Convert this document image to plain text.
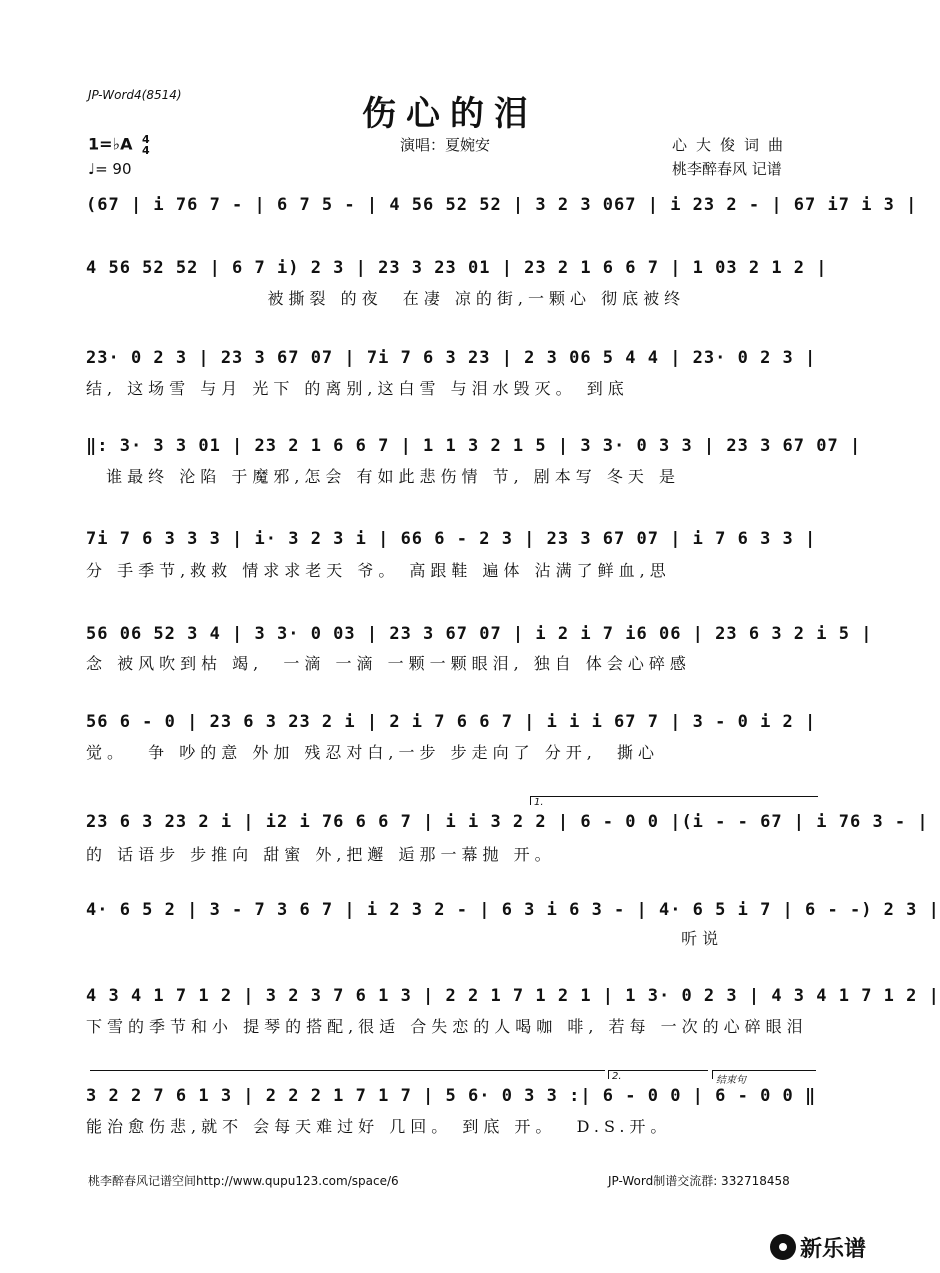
JP-Word4(8514)	伤心的泪
1=♭A 4
4
♩= 90
演唱：夏婉安	心大俊词曲
桃李醉春风 记谱
(67 | i 76 7 - | 6 7 5 - | 4 56 52 52 | 3 2 3 067 | i 23 2 - | 67 i7 i 3 |
4 56 52 52 | 6 7 i) 2 3 | 23 3 23 01 | 23 2 1 6 6 7 | 1 03 2 1 2 |
被撕裂 的夜  在凄 凉的街,一颗心 彻底被终
23· 0 2 3 | 23 3 67 07 | 7i 7 6 3 23 | 2 3 06 5 4 4 | 23· 0 2 3 |
结, 这场雪 与月 光下 的离别,这白雪 与泪水毁灭。 到底
‖: 3· 3 3 01 | 23 2 1 6 6 7 | 1 1 3 2 1 5 | 3 3· 0 3 3 | 23 3 67 07 |
谁最终 沦陷 于魔邪,怎会 有如此悲伤情 节, 剧本写 冬天 是
7i 7 6 3 3 3 | i· 3 2 3 i | 66 6 - 2 3 | 23 3 67 07 | i 7 6 3 3 |
分 手季节,救救 情求求老天 爷。 高跟鞋 遍体 沾满了鲜血,思
56 06 52 3 4 | 3 3· 0 03 | 23 3 67 07 | i 2 i 7 i6 06 | 23 6 3 2 i 5 |
念 被风吹到枯 竭,  一滴 一滴 一颗一颗眼泪, 独自 体会心碎感
56 6 - 0 | 23 6 3 23 2 i | 2 i 7 6 6 7 | i i i 67 7 | 3 - 0 i 2 |
觉。  争 吵的意 外加 残忍对白,一步 步走向了 分开,  撕心
1.
23 6 3 23 2 i | i2 i 76 6 6 7 | i i 3 2 2 | 6 - 0 0 |(i - - 67 | i 76 3 - |
的 话语步 步推向 甜蜜 外,把邂 逅那一幕抛 开。
4· 6 5 2 | 3 - 7 3 6 7 | i 2 3 2 - | 6 3 i 6 3 - | 4· 6 5 i 7 | 6 - -) 2 3 |
听说
4 3 4 1 7 1 2 | 3 2 3 7 6 1 3 | 2 2 1 7 1 2 1 | 1 3· 0 2 3 | 4 3 4 1 7 1 2 |
下雪的季节和小 提琴的搭配,很适 合失恋的人喝咖 啡, 若每 一次的心碎眼泪
2.	结束句
3 2 2 7 6 1 3 | 2 2 2 1 7 1 7 | 5 6· 0 3 3 :| 6 - 0 0 | 6 - 0 0 ‖
能治愈伤悲,就不 会每天难过好 几回。 到底 开。  D.S.开。
桃李醉春风记谱空间http://www.qupu123.com/space/6	JP-Word制谱交流群: 332718458
新乐谱
